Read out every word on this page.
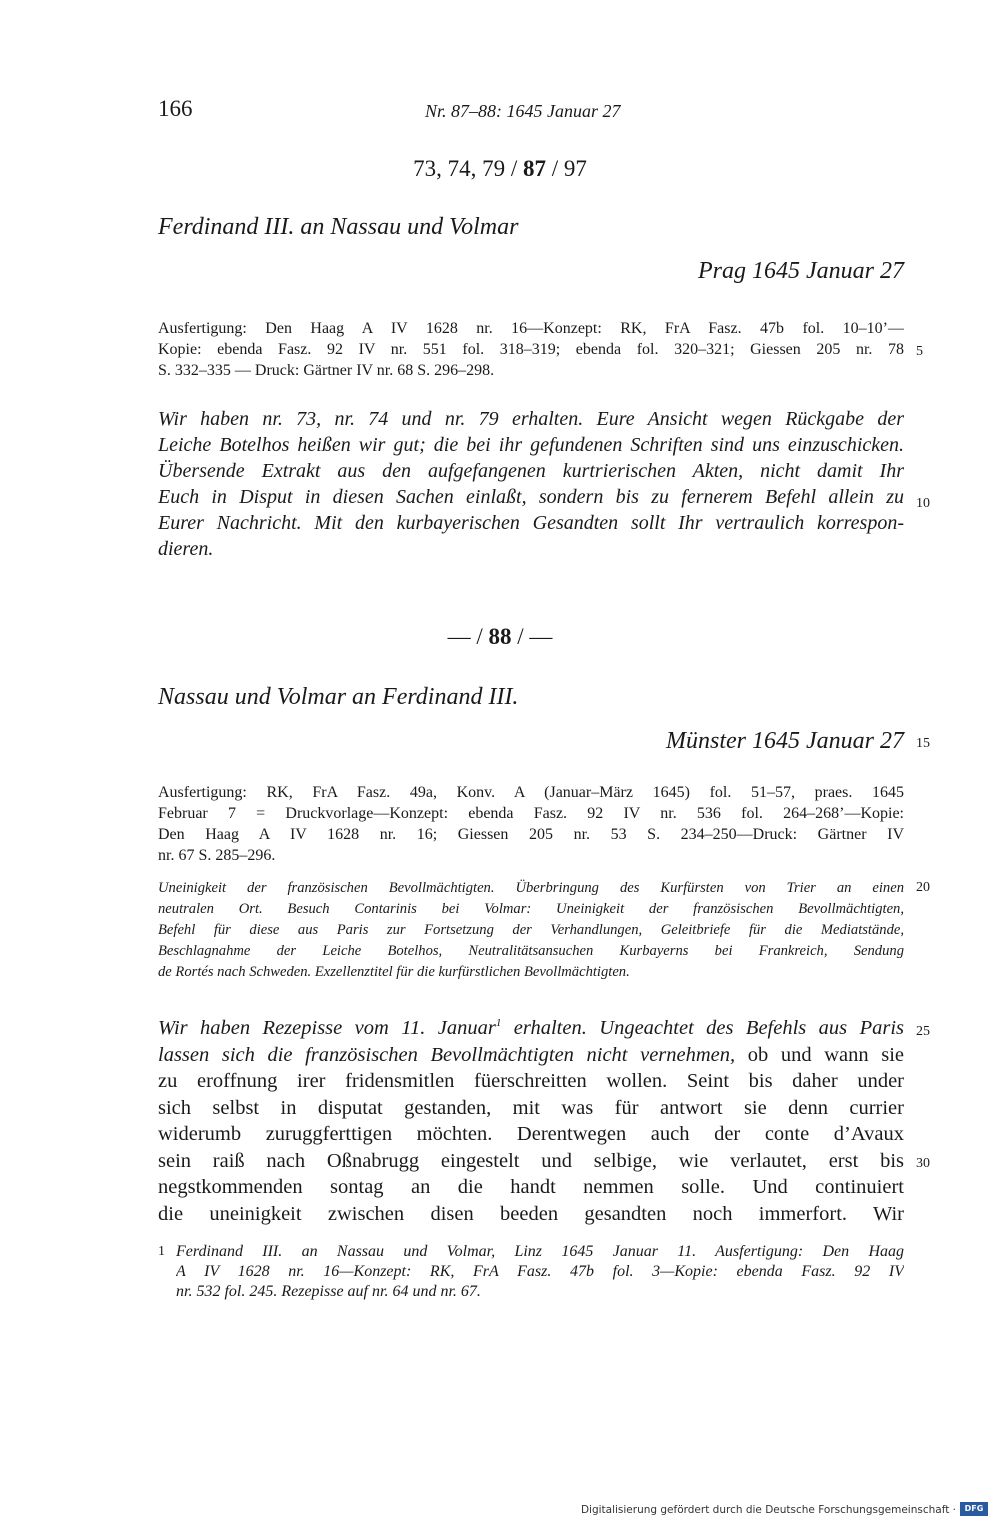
166	Nr. 87–88: 1645 Januar 27
73, 74, 79 / 87 / 97
Ferdinand III. an Nassau und Volmar
Prag 1645 Januar 27
Ausfertigung: Den Haag A IV 1628 nr. 16—Konzept: RK, FrA Fasz. 47b fol. 10–10’—
Kopie: ebenda Fasz. 92 IV nr. 551 fol. 318–319; ebenda fol. 320–321; Giessen 205 nr. 78
S. 332–335 — Druck: Gärtner IV nr. 68 S. 296–298.
Wir haben nr. 73, nr. 74 und nr. 79 erhalten. Eure Ansicht wegen Rückgabe der
Leiche Botelhos heißen wir gut; die bei ihr gefundenen Schriften sind uns einzuschicken.
Übersende Extrakt aus den aufgefangenen kurtrierischen Akten, nicht damit Ihr
Euch in Disput in diesen Sachen einlaßt, sondern bis zu fernerem Befehl allein zu
Eurer Nachricht. Mit den kurbayerischen Gesandten sollt Ihr vertraulich korrespon-
dieren.
— / 88 / —
Nassau und Volmar an Ferdinand III.
Münster 1645 Januar 27
Ausfertigung: RK, FrA Fasz. 49a, Konv. A (Januar–März 1645) fol. 51–57, praes. 1645
Februar 7 = Druckvorlage—Konzept: ebenda Fasz. 92 IV nr. 536 fol. 264–268’—Kopie:
Den Haag A IV 1628 nr. 16; Giessen 205 nr. 53 S. 234–250—Druck: Gärtner IV
nr. 67 S. 285–296.
Uneinigkeit der französischen Bevollmächtigten. Überbringung des Kurfürsten von Trier an einen
neutralen Ort. Besuch Contarinis bei Volmar: Uneinigkeit der französischen Bevollmächtigten,
Befehl für diese aus Paris zur Fortsetzung der Verhandlungen, Geleitbriefe für die Mediatstände,
Beschlagnahme der Leiche Botelhos, Neutralitätsansuchen Kurbayerns bei Frankreich, Sendung
de Rortés nach Schweden. Exzellenztitel für die kurfürstlichen Bevollmächtigten.
Wir haben Rezepisse vom 11. Januar$^1$ erhalten. Ungeachtet des Befehls aus Paris
lassen sich die französischen Bevollmächtigten nicht vernehmen, ob und wann sie
zu eroffnung irer fridensmitlen füerschreitten wollen. Seint bis daher under
sich selbst in disputat gestanden, mit was für antwort sie denn currier
widerumb zuruggferttigen möchten. Derentwegen auch der conte d’Avaux
sein raiß nach Oßnabrugg eingestelt und selbige, wie verlautet, erst bis
negstkommenden sontag an die handt nemmen solle. Und continuiert
die uneinigkeit zwischen disen beeden gesandten noch immerfort. Wir
1 Ferdinand III. an Nassau und Volmar, Linz 1645 Januar 11. Ausfertigung: Den Haag
A IV 1628 nr. 16—Konzept: RK, FrA Fasz. 47b fol. 3—Kopie: ebenda Fasz. 92 IV
nr. 532 fol. 245. Rezepisse auf nr. 64 und nr. 67.
5
10
15
20
25
30
Digitalisierung gefördert durch die Deutsche Forschungsgemeinschaft ·	DFG
